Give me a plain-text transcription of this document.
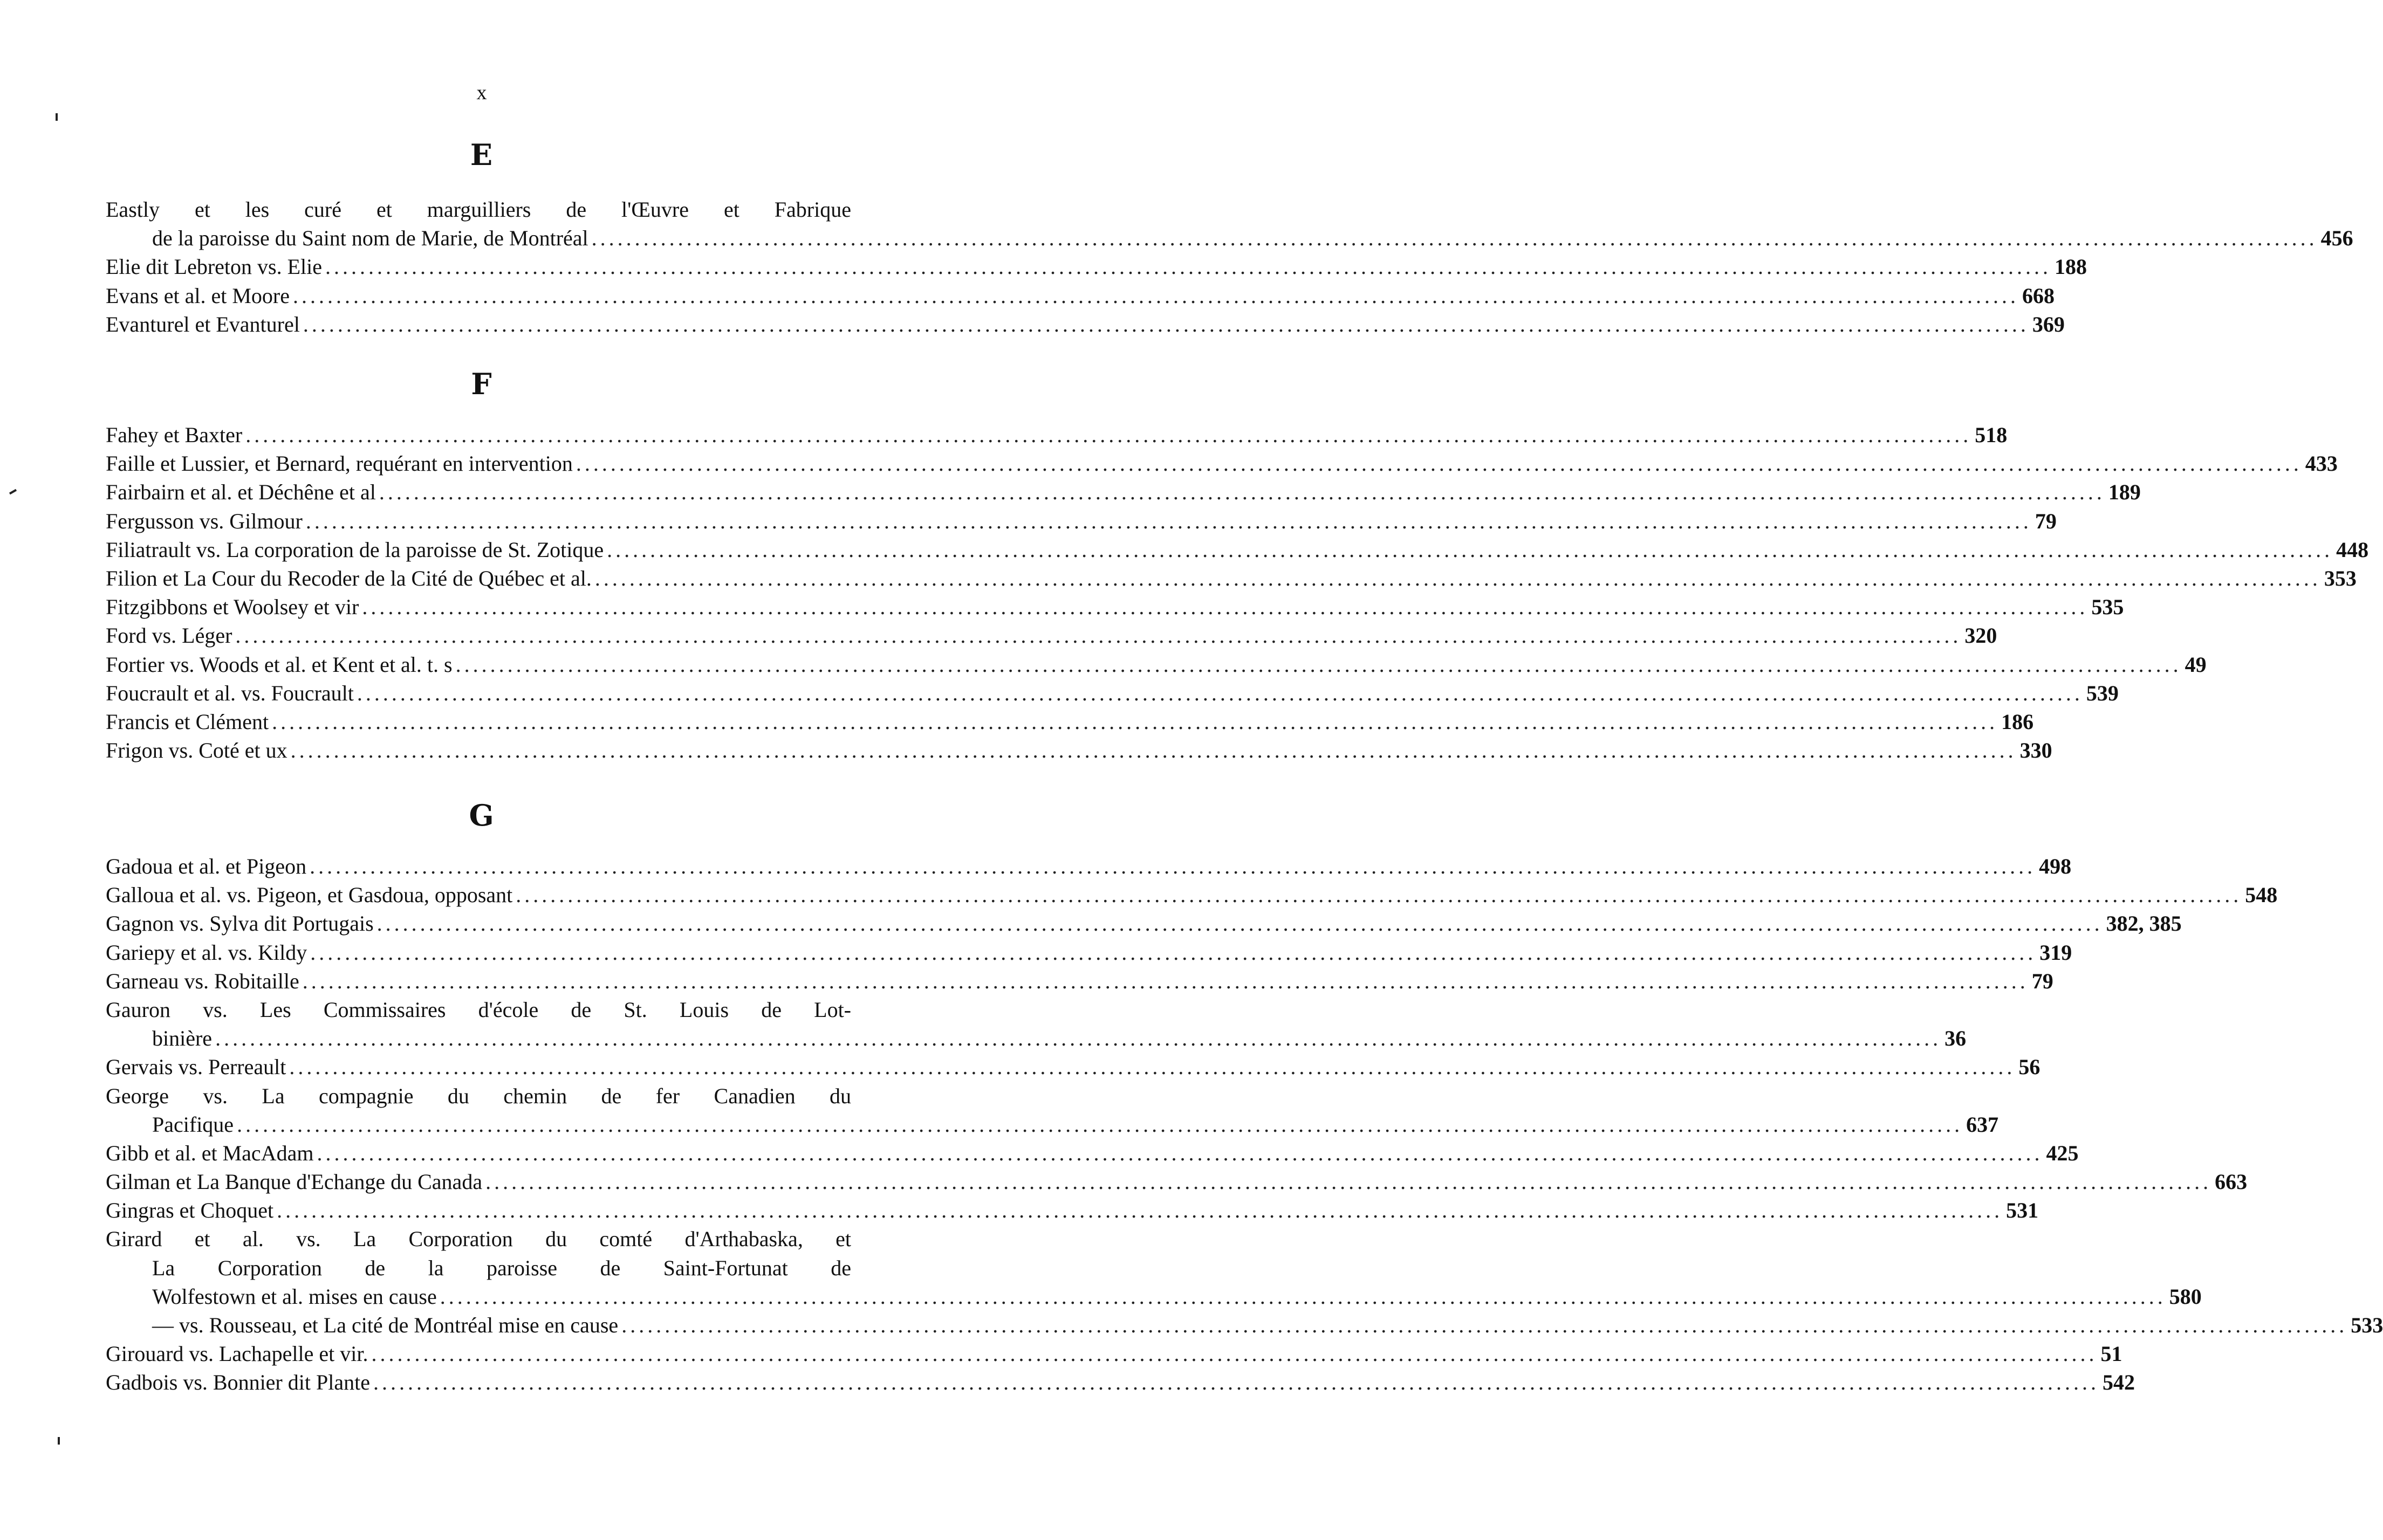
x
E
Eastly et les curé et marguilliers de l'Œuvre et Fabrique
de la paroisse du Saint nom de Marie, de Montréal .....	456
Elie dit Lebreton vs. Elie .....	188
Evans et al. et Moore .....	668
Evanturel et Evanturel .....	369
F
Fahey et Baxter .....	518
Faille et Lussier, et Bernard, requérant en intervention .....	433
Fairbairn et al. et Déchêne et al .....	189
Fergusson vs. Gilmour .....	79
Filiatrault vs. La corporation de la paroisse de St. Zotique .....	448
Filion et La Cour du Recoder de la Cité de Québec et al. .....	353
Fitzgibbons et Woolsey et vir .....	535
Ford vs. Léger .....	320
Fortier vs. Woods et al. et Kent et al. t. s .....	49
Foucrault et al. vs. Foucrault .....	539
Francis et Clément .....	186
Frigon vs. Coté et ux .....	330
G
Gadoua et al. et Pigeon .....	498
Galloua et al. vs. Pigeon, et Gasdoua, opposant .....	548
Gagnon vs. Sylva dit Portugais .....	382, 385
Gariepy et al. vs. Kildy .....	319
Garneau vs. Robitaille .....	79
Gauron vs. Les Commissaires d'école de St. Louis de Lot-
binière .....	36
Gervais vs. Perreault .....	56
George vs. La compagnie du chemin de fer Canadien du
Pacifique .....	637
Gibb et al. et MacAdam .....	425
Gilman et La Banque d'Echange du Canada .....	663
Gingras et Choquet .....	531
Girard et al. vs. La Corporation du comté d'Arthabaska, et
La Corporation de la paroisse de Saint-Fortunat de
Wolfestown et al. mises en cause .....	580
— vs. Rousseau, et La cité de Montréal mise en cause .....	533
Girouard vs. Lachapelle et vir. .....	51
Gadbois vs. Bonnier dit Plante .....	542
